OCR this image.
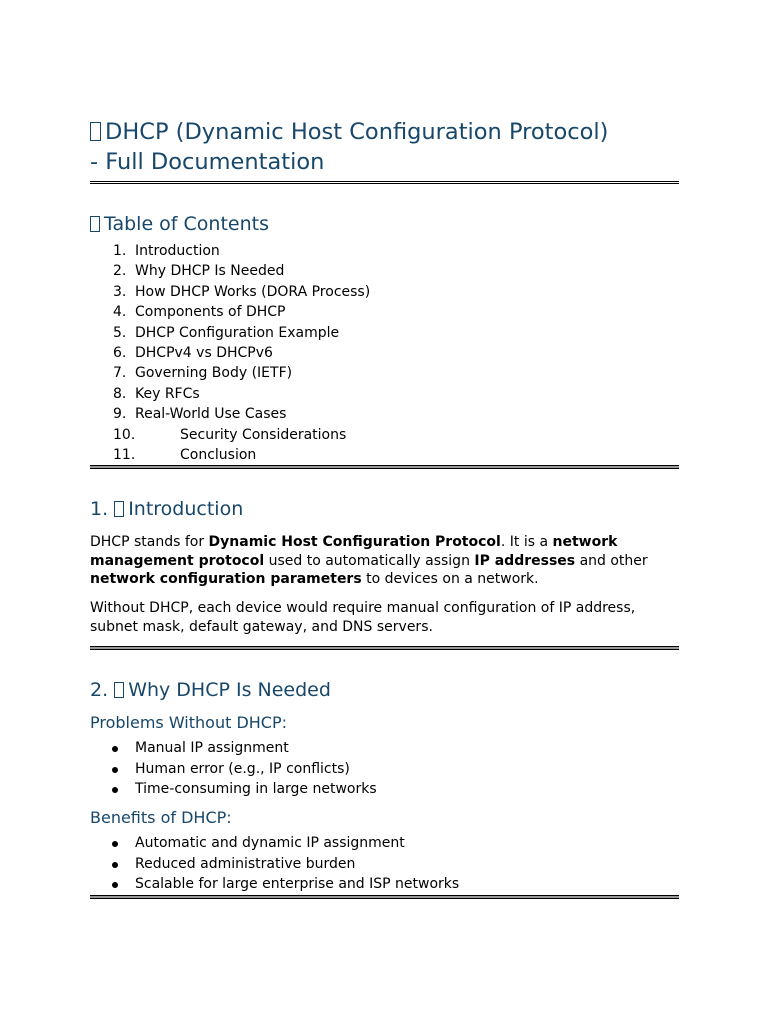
DHCP (Dynamic Host Configuration Protocol)
- Full Documentation
Table of Contents
1. Introduction
2. Why DHCP Is Needed
3. How DHCP Works (DORA Process)
4. Components of DHCP
5. DHCP Configuration Example
6. DHCPv4 vs DHCPv6
7. Governing Body (IETF)
8. Key RFCs
9. Real-World Use Cases
10.	Security Considerations
11.	Conclusion
1. Introduction

DHCP stands for Dynamic Host Configuration Protocol. It is a network management protocol used to automatically assign IP addresses and other network configuration parameters to devices on a network.

Without DHCP, each device would require manual configuration of IP address, subnet mask, default gateway, and DNS servers.

2. Why DHCP Is Needed
Problems Without DHCP:
Manual IP assignment
Human error (e.g., IP conflicts)
Time-consuming in large networks
Benefits of DHCP:
Automatic and dynamic IP assignment
Reduced administrative burden
Scalable for large enterprise and ISP networks
